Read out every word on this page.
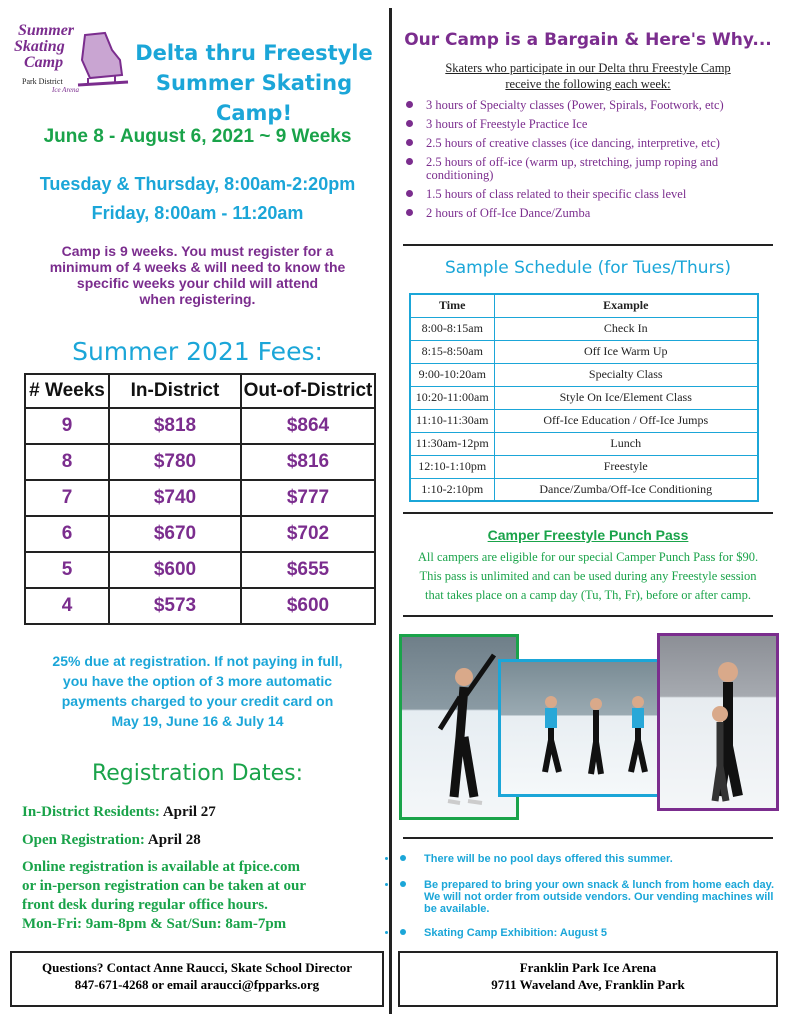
Summer
Skating
Camp
Park District
Ice Arena
Delta thru Freestyle
Summer Skating Camp!
June 8 - August 6, 2021 ~ 9 Weeks
Tuesday & Thursday, 8:00am-2:20pm
Friday, 8:00am - 11:20am
Camp is 9 weeks. You must register for a
minimum of 4 weeks & will need to know the
specific weeks your child will attend
when registering.
Summer 2021 Fees:
# Weeks	In-District	Out-of-District
9	$818	$864
8	$780	$816
7	$740	$777
6	$670	$702
5	$600	$655
4	$573	$600
25% due at registration. If not paying in full,
you have the option of 3 more automatic
payments charged to your credit card on
May 19, June 16 & July 14
Registration Dates:
In-District Residents: April 27
Open Registration: April 28
Online registration is available at fpice.com
or in-person registration can be taken at our
front desk during regular office hours.
Mon-Fri: 9am-8pm & Sat/Sun: 8am-7pm
Questions? Contact Anne Raucci, Skate School Director
847-671-4268 or email araucci@fpparks.org
Our Camp is a Bargain & Here's Why...
Skaters who participate in our Delta thru Freestyle Camp
receive the following each week:
3 hours of Specialty classes (Power, Spirals, Footwork, etc)
3 hours of Freestyle Practice Ice
2.5 hours of creative classes (ice dancing, interpretive, etc)
2.5 hours of off-ice (warm up, stretching, jump roping and conditioning)
1.5 hours of class related to their specific class level
2 hours of Off-Ice Dance/Zumba
Sample Schedule (for Tues/Thurs)
Time	Example
8:00-8:15am	Check In
8:15-8:50am	Off Ice Warm Up
9:00-10:20am	Specialty Class
10:20-11:00am	Style On Ice/Element Class
11:10-11:30am	Off-Ice Education / Off-Ice Jumps
11:30am-12pm	Lunch
12:10-1:10pm	Freestyle
1:10-2:10pm	Dance/Zumba/Off-Ice Conditioning
Camper Freestyle Punch Pass
All campers are eligible for our special Camper Punch Pass for $90.
This pass is unlimited and can be used during any Freestyle session
that takes place on a camp day (Tu, Th, Fr), before or after camp.
• There will be no pool days offered this summer.
• Be prepared to bring your own snack & lunch from home each day. We will not order from outside vendors. Our vending machines will be available.
• Skating Camp Exhibition: August 5
Franklin Park Ice Arena
9711 Waveland Ave, Franklin Park
